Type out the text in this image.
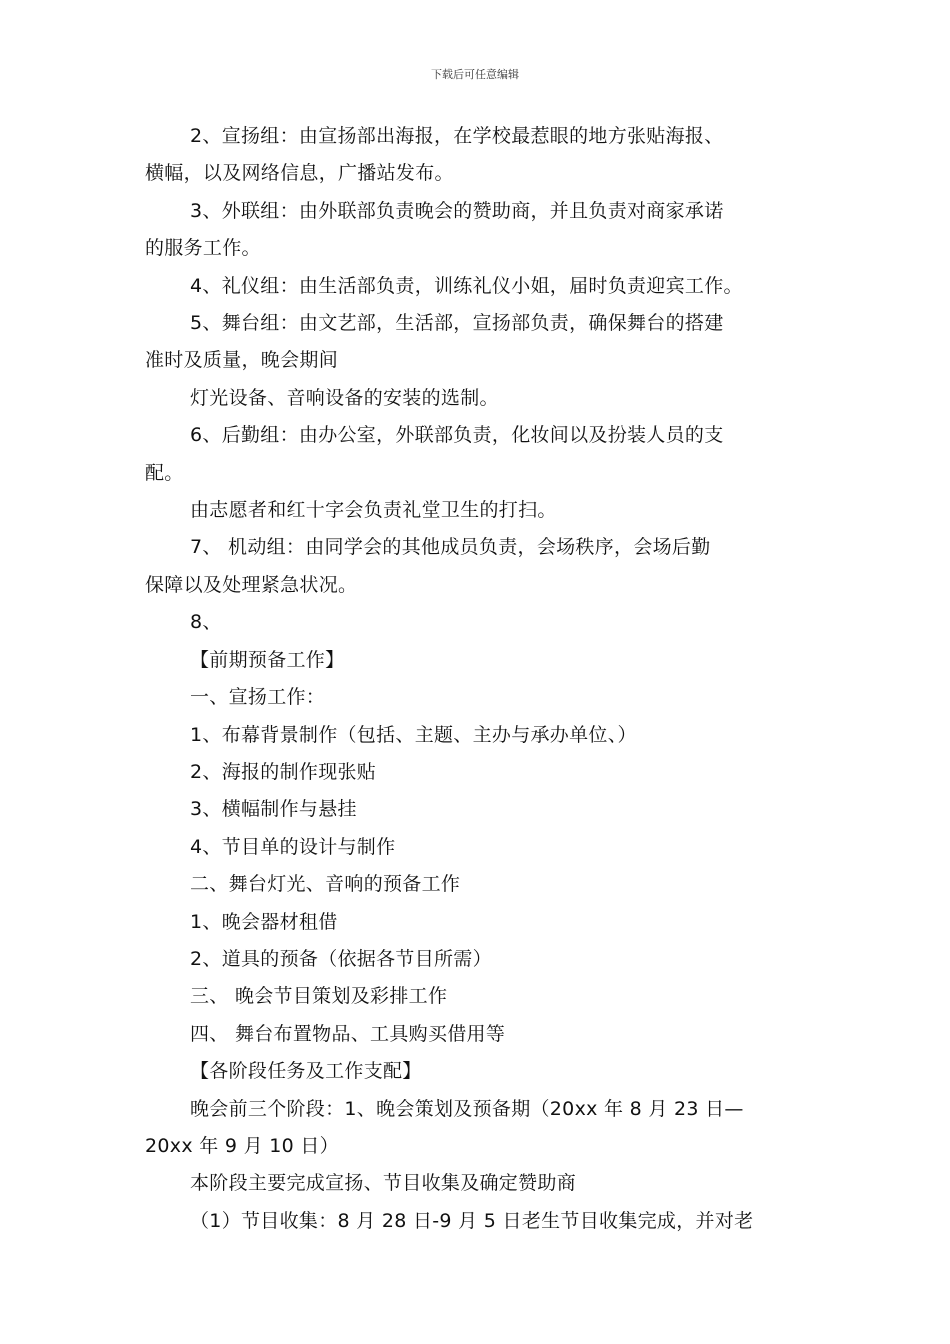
下载后可任意编辑
2、宣扬组：由宣扬部出海报，在学校最惹眼的地方张贴海报、
横幅，以及网络信息，广播站发布。
3、外联组：由外联部负责晚会的赞助商，并且负责对商家承诺
的服务工作。
4、礼仪组：由生活部负责，训练礼仪小姐，届时负责迎宾工作。
5、舞台组：由文艺部，生活部，宣扬部负责，确保舞台的搭建
准时及质量，晚会期间
灯光设备、音响设备的安装的选制。
6、后勤组：由办公室，外联部负责，化妆间以及扮装人员的支
配。
由志愿者和红十字会负责礼堂卫生的打扫。
7、 机动组：由同学会的其他成员负责，会场秩序，会场后勤
保障以及处理紧急状况。
8、
【前期预备工作】
一、宣扬工作：
1、布幕背景制作（包括、主题、主办与承办单位、）
2、海报的制作现张贴
3、横幅制作与悬挂
4、节目单的设计与制作
二、舞台灯光、音响的预备工作
1、晚会器材租借
2、道具的预备（依据各节目所需）
三、 晚会节目策划及彩排工作
四、 舞台布置物品、工具购买借用等
【各阶段任务及工作支配】
晚会前三个阶段：1、晚会策划及预备期（20xx 年 8 月 23 日—
20xx 年 9 月 10 日）
本阶段主要完成宣扬、节目收集及确定赞助商
（1）节目收集：8 月 28 日-9 月 5 日老生节目收集完成，并对老
